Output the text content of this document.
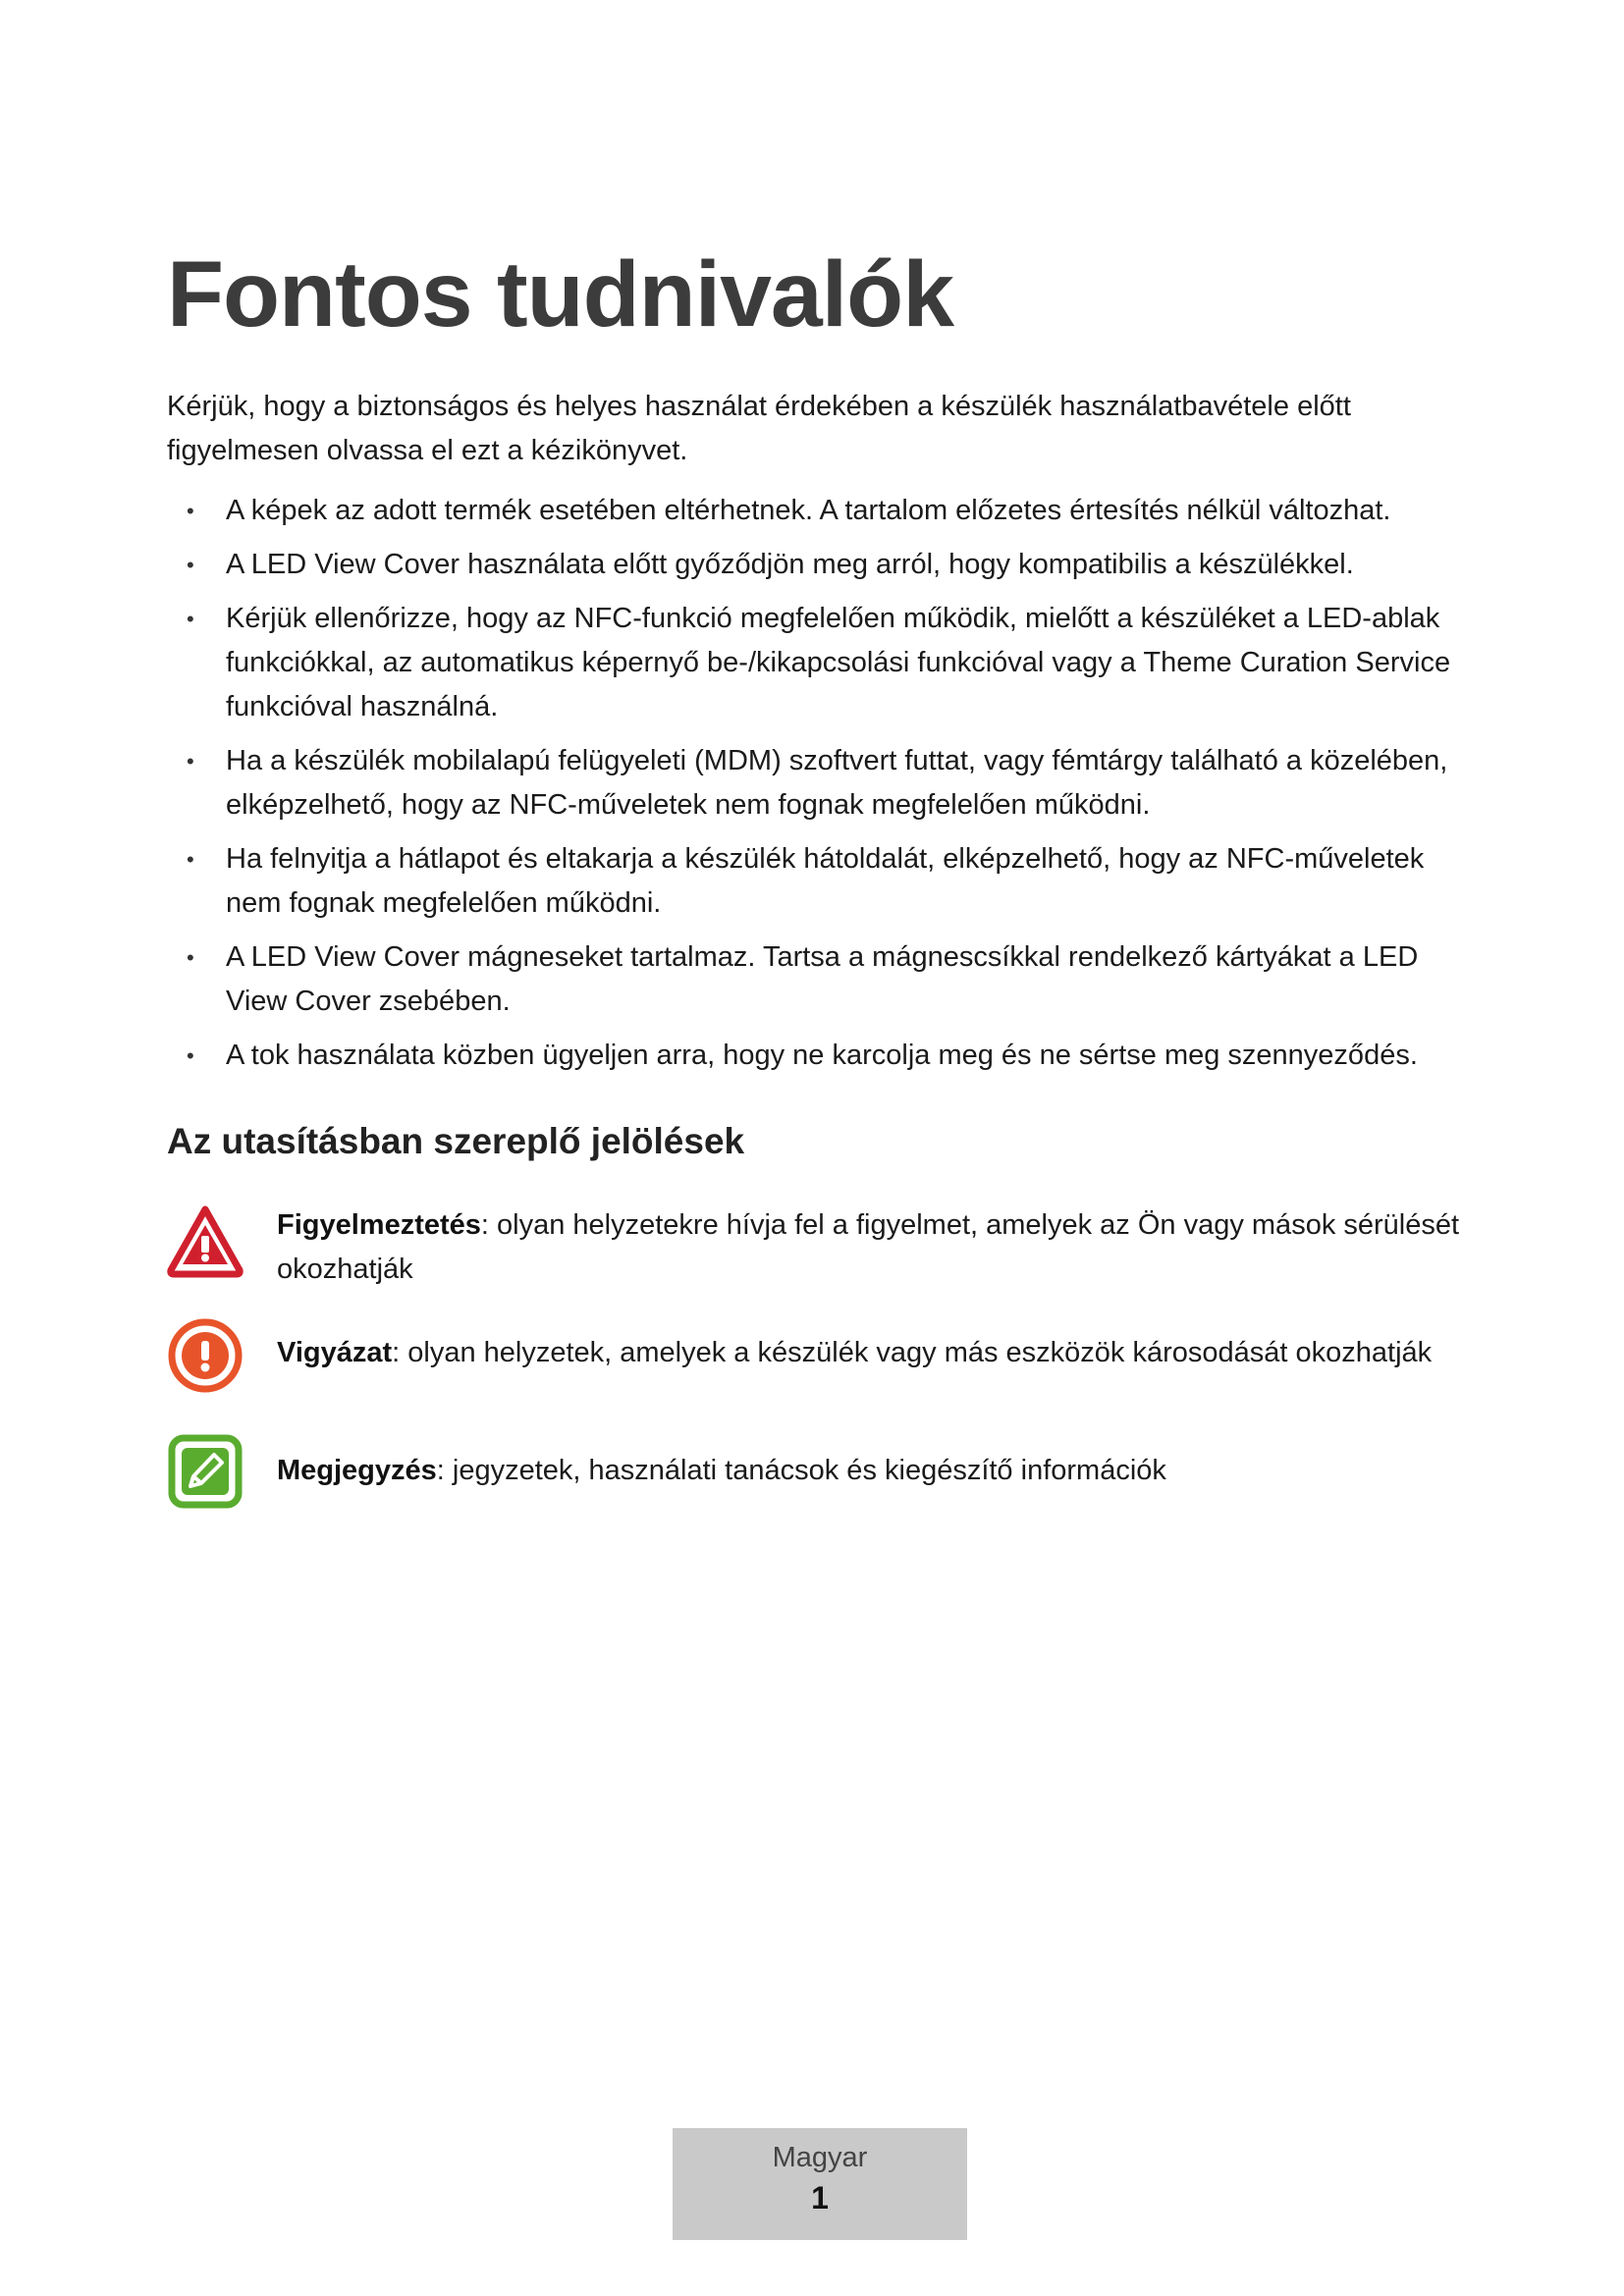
Fontos tudnivalók

Kérjük, hogy a biztonságos és helyes használat érdekében a készülék használatbavétele előtt figyelmesen olvassa el ezt a kézikönyvet.

• A képek az adott termék esetében eltérhetnek. A tartalom előzetes értesítés nélkül változhat.
• A LED View Cover használata előtt győződjön meg arról, hogy kompatibilis a készülékkel.
• Kérjük ellenőrizze, hogy az NFC-funkció megfelelően működik, mielőtt a készüléket a LED-ablak funkciókkal, az automatikus képernyő be-/kikapcsolási funkcióval vagy a Theme Curation Service funkcióval használná.
• Ha a készülék mobilalapú felügyeleti (MDM) szoftvert futtat, vagy fémtárgy található a közelében, elképzelhető, hogy az NFC-műveletek nem fognak megfelelően működni.
• Ha felnyitja a hátlapot és eltakarja a készülék hátoldalát, elképzelhető, hogy az NFC-műveletek nem fognak megfelelően működni.
• A LED View Cover mágneseket tartalmaz. Tartsa a mágnescsíkkal rendelkező kártyákat a LED View Cover zsebében.
• A tok használata közben ügyeljen arra, hogy ne karcolja meg és ne sértse meg szennyeződés.
Az utasításban szereplő jelölések
Figyelmeztetés: olyan helyzetekre hívja fel a figyelmet, amelyek az Ön vagy mások sérülését okozhatják
Vigyázat: olyan helyzetek, amelyek a készülék vagy más eszközök károsodását okozhatják
Megjegyzés: jegyzetek, használati tanácsok és kiegészítő információk
Magyar
1
